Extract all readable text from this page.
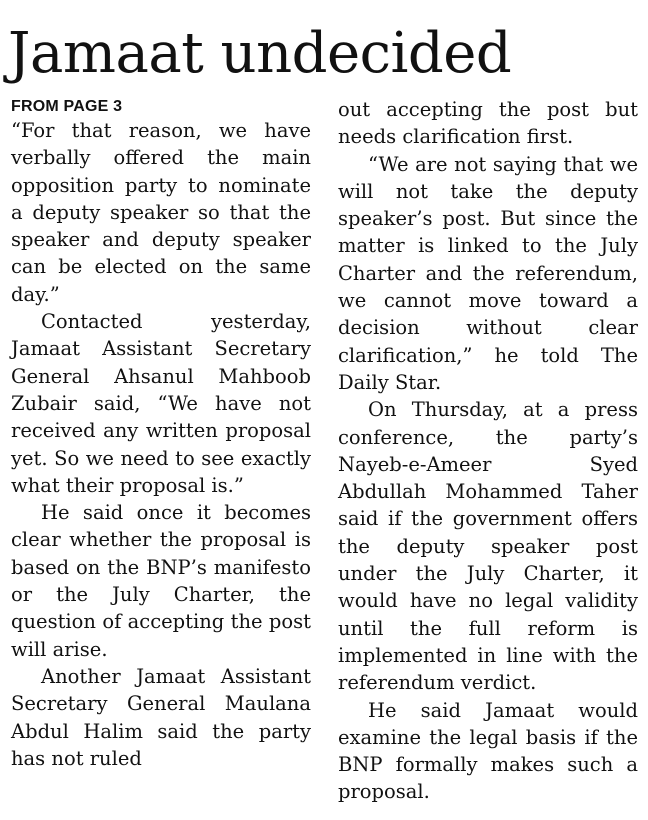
Jamaat undecided
FROM PAGE 3

“For that reason, we have verbally offered the main opposition party to nominate a deputy speaker so that the speaker and deputy speaker can be elected on the same day.”

Contacted yesterday, Jamaat Assistant Secretary General Ahsanul Mahboob Zubair said, “We have not received any written proposal yet. So we need to see exactly what their proposal is.”

He said once it becomes clear whether the proposal is based on the BNP’s manifesto or the July Charter, the question of accepting the post will arise.

Another Jamaat Assistant Secretary General Maulana Abdul Halim said the party has not ruled

out accepting the post but needs clarification first.

“We are not saying that we will not take the deputy speaker’s post. But since the matter is linked to the July Charter and the referendum, we cannot move toward a decision without clear clarification,” he told The Daily Star.

On Thursday, at a press conference, the party’s Nayeb-e-Ameer Syed Abdullah Mohammed Taher said if the government offers the deputy speaker post under the July Charter, it would have no legal validity until the full reform is implemented in line with the referendum verdict.

He said Jamaat would examine the legal basis if the BNP formally makes such a proposal.
